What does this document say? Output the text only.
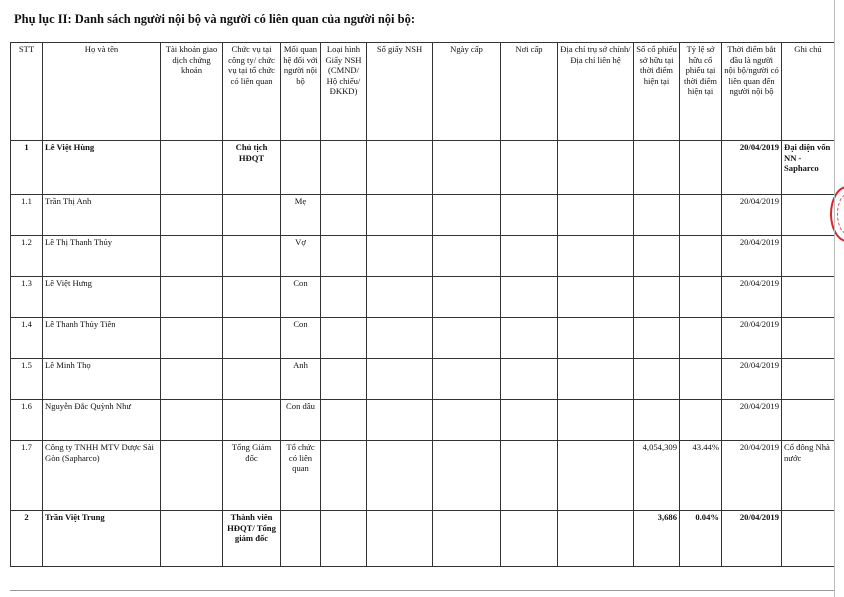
Phụ lục II: Danh sách người nội bộ và người có liên quan của người nội bộ:
STT	Họ và tên	Tài khoản giao dịch chứng khoán	Chức vụ tại công ty/ chức vụ tại tổ chức có liên quan	Mối quan hệ đối với người nội bộ	Loại hình Giấy NSH (CMND/ Hộ chiếu/ ĐKKD)	Số giấy NSH	Ngày cấp	Nơi cấp	Địa chỉ trụ sở chính/Địa chỉ liên hệ	Số cổ phiếu sở hữu tại thời điểm hiện tại	Tỷ lệ sở hữu cổ phiếu tại thời điểm hiện tại	Thời điểm bắt đầu là người nội bộ/người có liên quan đến người nội bộ	Ghi chú
1	Lê Việt Hùng		Chủ tịch HĐQT									20/04/2019	Đại diện vốn NN - Sapharco
1.1	Trần Thị Anh			Mẹ								20/04/2019	
1.2	Lê Thị Thanh Thủy			Vợ								20/04/2019	
1.3	Lê Việt Hưng			Con								20/04/2019	
1.4	Lê Thanh Thủy Tiên			Con								20/04/2019	
1.5	Lê Minh Thọ			Anh								20/04/2019	
1.6	Nguyễn Đắc Quỳnh Như			Con dâu								20/04/2019	
1.7	Công ty TNHH MTV Dược Sài Gòn (Sapharco)		Tổng Giám đốc	Tổ chức có liên quan						4,054,309	43.44%	20/04/2019	Cổ đông Nhà nước
2	Trần Việt Trung		Thành viên HĐQT/ Tổng giám đốc							3,686	0.04%	20/04/2019	
